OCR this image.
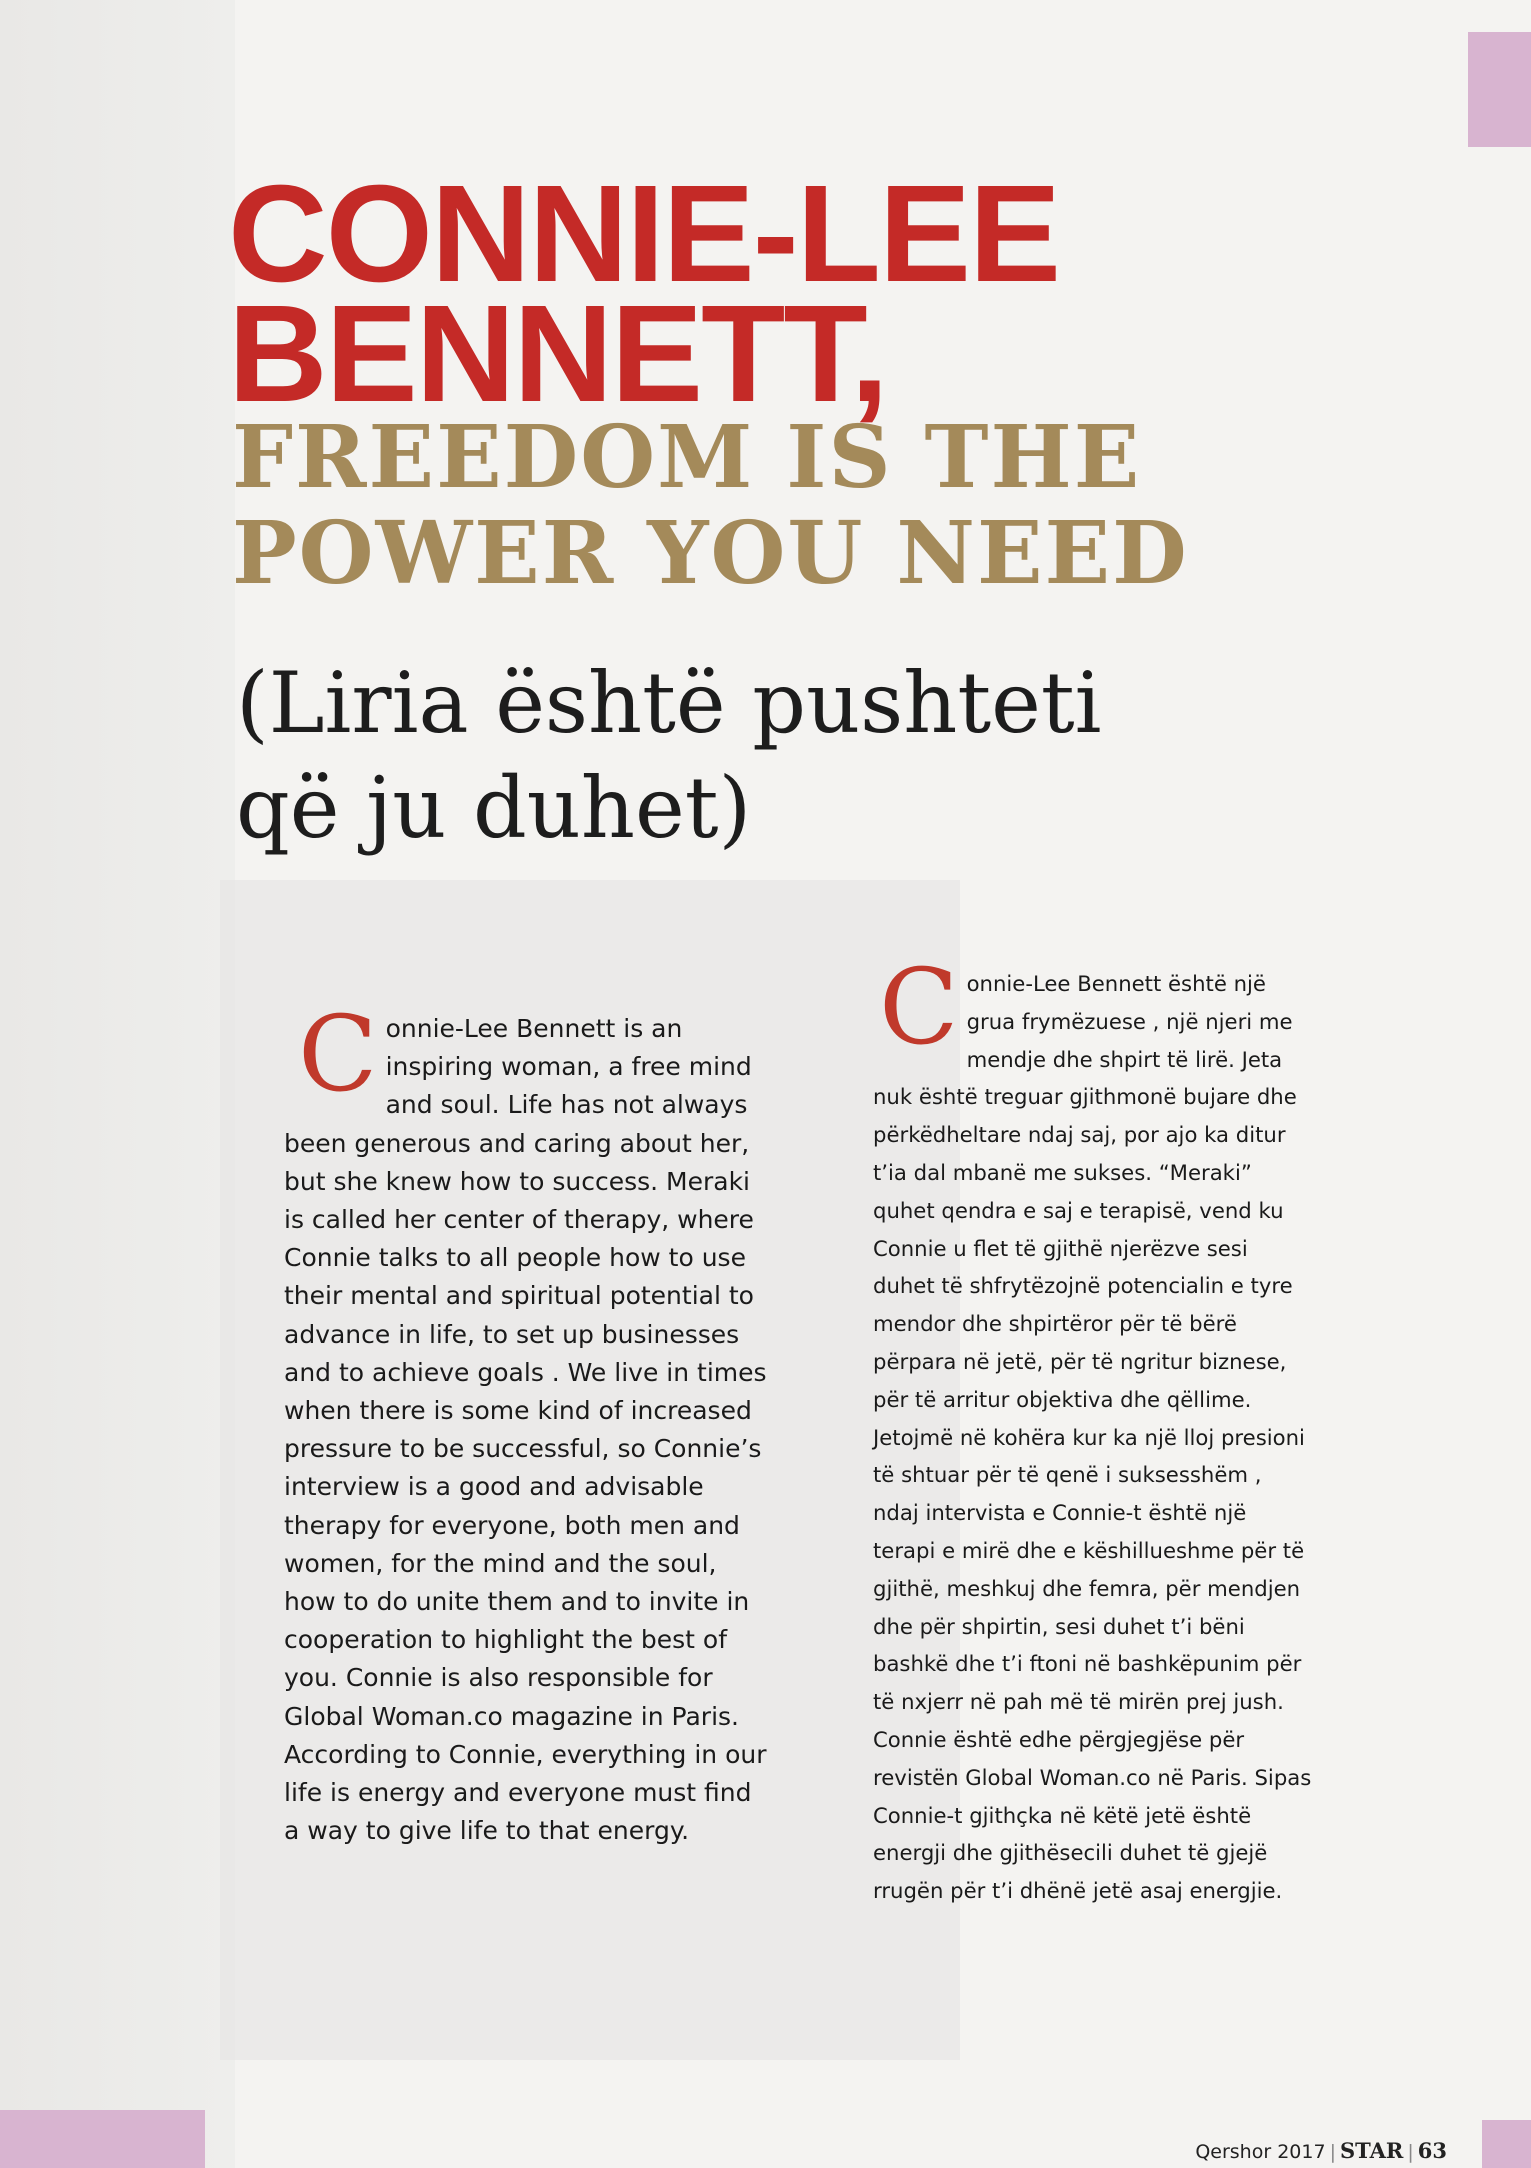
CONNIE-LEE
BENNETT,
FREEDOM IS THE
POWER YOU NEED
(Liria është pushteti
që ju duhet)

Connie-Lee Bennett is an inspiring woman, a free mind and soul. Life has not always been generous and caring about her, but she knew how to success. Meraki is called her center of therapy, where Connie talks to all people how to use their mental and spiritual potential to advance in life, to set up businesses and to achieve goals . We live in times when there is some kind of increased pressure to be successful, so Connie’s interview is a good and advisable therapy for everyone, both men and women, for the mind and the soul, how to do unite them and to invite in cooperation to highlight the best of you. Connie is also responsible for Global Woman.co magazine in Paris. According to Connie, everything in our life is energy and everyone must find a way to give life to that energy.

Connie-Lee Bennett është një grua frymëzuese , një njeri me mendje dhe shpirt të lirë. Jeta nuk është treguar gjithmonë bujare dhe përkëdheltare ndaj saj, por ajo ka ditur t’ia dal mbanë me sukses. “Meraki” quhet qendra e saj e terapisë, vend ku Connie u flet të gjithë njerëzve sesi duhet të shfrytëzojnë potencialin e tyre mendor dhe shpirtëror për të bërë përpara në jetë, për të ngritur biznese, për të arritur objektiva dhe qëllime. Jetojmë në kohëra kur ka një lloj presioni të shtuar për të qenë i suksesshëm , ndaj intervista e Connie-t është një terapi e mirë dhe e këshillueshme për të gjithë, meshkuj dhe femra, për mendjen dhe për shpirtin, sesi duhet t’i bëni bashkë dhe t’i ftoni në bashkëpunim për të nxjerr në pah më të mirën prej jush. Connie është edhe përgjegjëse për revistën Global Woman.co në Paris. Sipas Connie-t gjithçka në këtë jetë është energji dhe gjithësecili duhet të gjejë rrugën për t’i dhënë jetë asaj energjie.

Qershor 2017 | STAR | 63
